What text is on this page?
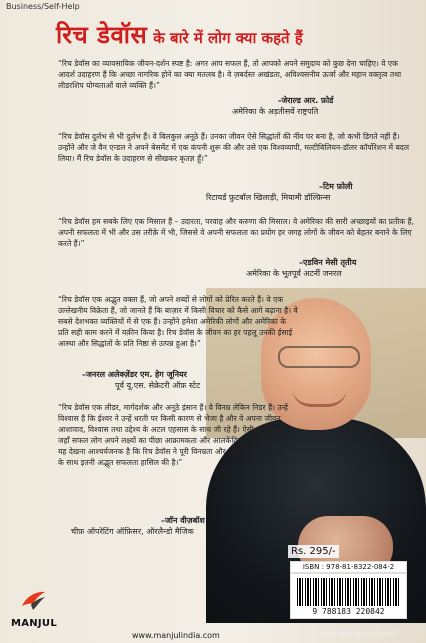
Business/Self-Help
रिच डेवॉस के बारे में लोग क्या कहते हैं
“रिच डेवॉस का व्यावसायिक जीवन-दर्शन स्पष्ट है: अगर आप सफल हैं, तो आपको अपने समुदाय को कुछ देना चाहिए। वे एक आदर्श उदाहरण हैं कि अच्छा नागरिक होने का क्या मतलब है। वे ज़बर्दस्त अखंडता, अविश्वसनीय ऊर्जा और महान वक्तृत्व तथा लीडरशिप योग्यताओं वाले व्यक्ति हैं।”
-जेराल्ड आर. फ़ोर्ड
अमेरिका के अड़तीसवें राष्ट्रपति
“रिच डेवॉस दुर्लभ से भी दुर्लभ हैं। वे बिलकुल अनूठे हैं। उनका जीवन ऐसे सिद्धांतों की नींव पर बना है, जो कभी डिगते नहीं हैं। उन्होंने और जे वैन एन्डल ने अपने बेसमेंट में एक कंपनी शुरू की और उसे एक विश्वव्यापी, मल्टीबिलियन-डॉलर कॉर्पोरेशन में बदल लिया। मैं रिच डेवॉस के उदाहरण से सीखकर कृतज्ञ हूँ।”
–टिम फ़ोली
रिटायर्ड फ़ुटबॉल खिलाड़ी, मियामी डॉल्फ़िन्स
“रिच डेवॉस हम सबके लिए एक मिसाल हैं – उदारता, परवाह और करुणा की मिसाल। वे अमेरिका की सारी अच्छाइयों का प्रतीक हैं, अपनी सफलता में भी और उस तरीक़े में भी, जिससे वे अपनी सफलता का प्रयोग हर जगह लोगों के जीवन को बेहतर बनाने के लिए करते हैं।”
–एडविन मेसी तृतीय
अमेरिका के भूतपूर्व अटर्नी जनरल
“रिच डेवॉस एक अद्भुत वक्ता हैं, जो अपने शब्दों से लोगों को प्रेरित करते हैं। वे एक उल्लेखनीय विक्रेता हैं, जो जानते हैं कि बाज़ार में किसी विचार को कैसे आगे बढ़ाना है। वे सबसे देशभक्त व्यक्तियों में से एक हैं। उन्होंने हमेशा अमेरिकी लोगों और अमेरिका के प्रति सही काम करने में यक़ीन किया है। रिच डेवॉस के जीवन का हर पहलू उनकी ईसाई आस्था और सिद्धांतों के प्रति निष्ठा से उत्पन्न हुआ है।”
–जनरल अलेक्ज़ेंडर एम. हेग जूनियर
पूर्व यू.एस. सेक्रेटरी ऑफ़ स्टेट
“रिच डेवॉस एक लीडर, मार्गदर्शक और अनूठे इंसान हैं। वे विनम्र लेकिन निडर हैं। उन्हें विश्वास है कि ईश्वर ने उन्हें धरती पर किसी कारण से भेजा है और वे अपना जीवन आशावाद, विश्वास तथा उद्देश्य के अटल एहसास के साथ जी रहे हैं। ऐसी दुनिया में, जहाँ सफल लोग अपने लक्ष्यों का पीछा आक्रामकता और आलकेंद्रित दंभ से करते हैं, यह देखना आश्चर्यजनक है कि रिच डेवॉस ने पूरी विनम्रता और दूसरों के प्रति करुणा के साथ इतनी अद्भुत सफलता हासिल की है।”
–जॉन वीज़बॉश
चीफ़ ऑपरेटिंग ऑफ़िसर, ऑरलैन्डो मैजिक
Rs. 295/-
ISBN : 978-81-8322-084-2
9 788183 220842
MANJUL
www.manjulindia.com	AHW HPB HINDI SERIES
